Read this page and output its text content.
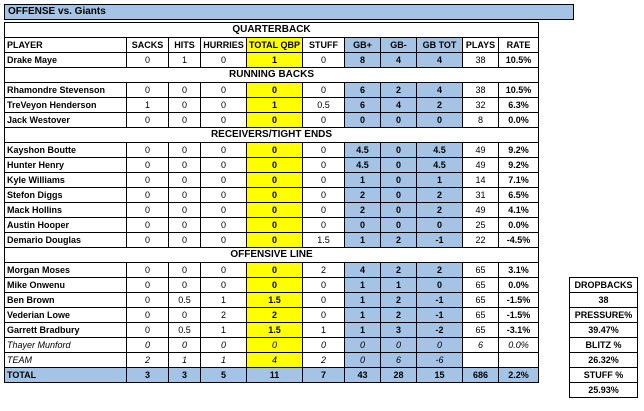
OFFENSE vs. Giants
QUARTERBACK										
PLAYER	SACKS	HITS	HURRIES	TOTAL QBP	STUFF	GB+	GB-	GB TOT	PLAYS	RATE
Drake Maye	0	1	0	1	0	8	4	4	38	10.5%
RUNNING BACKS										
Rhamondre Stevenson	0	0	0	0	0	6	2	4	38	10.5%
TreVeyon Henderson	1	0	0	1	0.5	6	4	2	32	6.3%
Jack Westover	0	0	0	0	0	0	0	0	8	0.0%
RECEIVERS/TIGHT ENDS										
Kayshon Boutte	0	0	0	0	0	4.5	0	4.5	49	9.2%
Hunter Henry	0	0	0	0	0	4.5	0	4.5	49	9.2%
Kyle Williams	0	0	0	0	0	1	0	1	14	7.1%
Stefon Diggs	0	0	0	0	0	2	0	2	31	6.5%
Mack Hollins	0	0	0	0	0	2	0	2	49	4.1%
Austin Hooper	0	0	0	0	0	0	0	0	25	0.0%
Demario Douglas	0	0	0	0	1.5	1	2	-1	22	-4.5%
OFFENSIVE LINE										
Morgan Moses	0	0	0	0	2	4	2	2	65	3.1%
Mike Onwenu	0	0	0	0	0	1	1	0	65	0.0%
Ben Brown	0	0.5	1	1.5	0	1	2	-1	65	-1.5%
Vederian Lowe	0	0	2	2	0	1	2	-1	65	-1.5%
Garrett Bradbury	0	0.5	1	1.5	1	1	3	-2	65	-3.1%
Thayer Munford	0	0	0	0	0	0	0	0	6	0.0%
TEAM	2	1	1	4	2	0	6	-6		
TOTAL	3	3	5	11	7	43	28	15	686	2.2%
DROPBACKS
38
PRESSURE%
39.47%
BLITZ %
26.32%
STUFF %
25.93%
